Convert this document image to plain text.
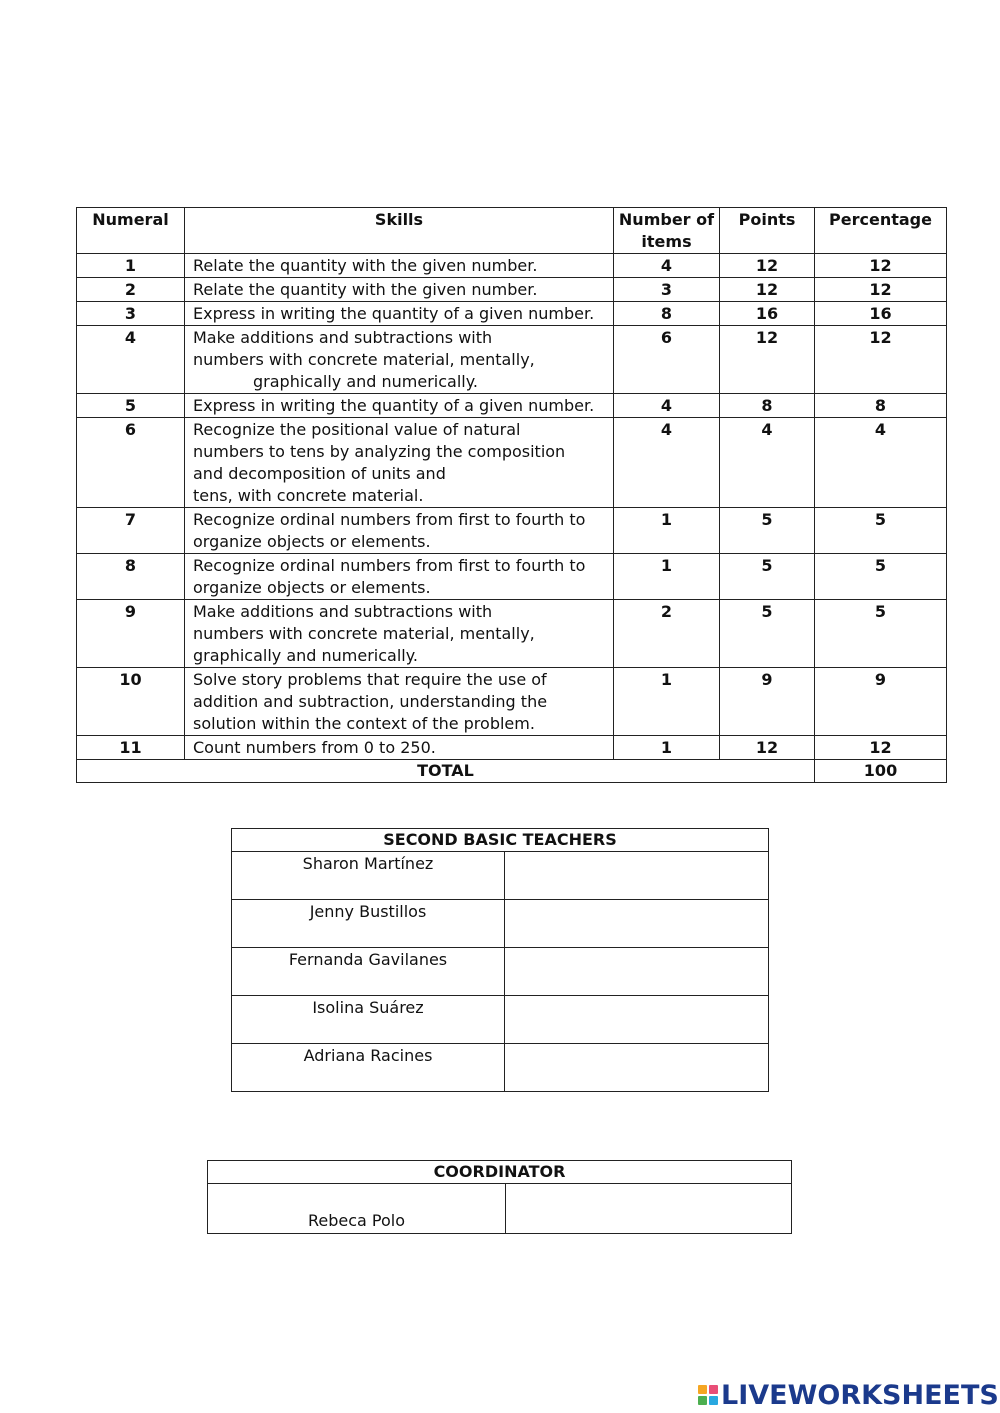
Numeral	Skills	Number of items	Points	Percentage
1	Relate the quantity with the given number.	4	12	12
2	Relate the quantity with the given number.	3	12	12
3	Express in writing the quantity of a given number.	8	16	16
4	Make additions and subtractions with
numbers with concrete material, mentally,
graphically and numerically.	6	12	12
5	Express in writing the quantity of a given number.	4	8	8
6	Recognize the positional value of natural
numbers to tens by analyzing the composition
and decomposition of units and
tens, with concrete material.	4	4	4
7	Recognize ordinal numbers from first to fourth to
organize objects or elements.	1	5	5
8	Recognize ordinal numbers from first to fourth to
organize objects or elements.	1	5	5
9	Make additions and subtractions with
numbers with concrete material, mentally,
graphically and numerically.	2	5	5
10	Solve story problems that require the use of
addition and subtraction, understanding the
solution within the context of the problem.	1	9	9
11	Count numbers from 0 to 250.	1	12	12
TOTAL				100
SECOND BASIC TEACHERS	
Sharon Martínez	
Jenny Bustillos	
Fernanda Gavilanes	
Isolina Suárez	
Adriana Racines	
COORDINATOR
Rebeca Polo	
LIVEWORKSHEETS
